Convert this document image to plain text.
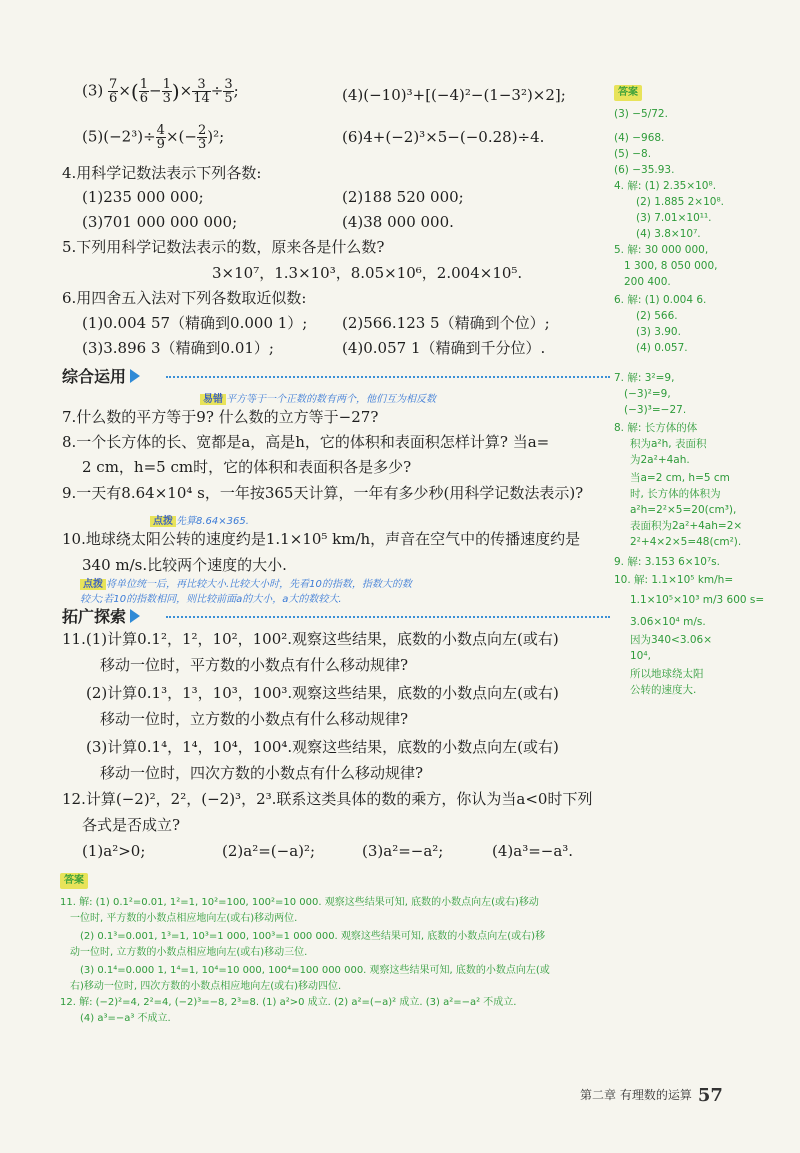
$(3) \frac{7}{6}$ ×( $\frac{1}{6} - \frac{1}{3}$ )× $\frac{3}{14} \div \frac{3}{5}$ ;	(4)(−10)³+[(−4)²−(1−3²)×2];
$(5)(-2^3)\div \frac{4}{9}$ ×(− $\frac{2}{3} )^2$;	(6)4+(−2)³×5−(−0.28)÷4.
4.用科学记数法表示下列各数:
(1)235 000 000;	(2)188 520 000;
(3)701 000 000 000;	(4)38 000 000.
5.下列用科学记数法表示的数，原来各是什么数?
3×10⁷，1.3×10³，8.05×10⁶，2.004×10⁵.
6.用四舍五入法对下列各数取近似数:
(1)0.004 57（精确到0.000 1）; (2)566.123 5（精确到个位）;
(3)3.896 3（精确到0.01）;	(4)0.057 1（精确到千分位）.
综合运用
易错 平方等于一个正数的数有两个，他们互为相反数
7.什么数的平方等于9? 什么数的立方等于−27?
8.一个长方体的长、宽都是a，高是h，它的体积和表面积怎样计算? 当a=
2 cm，h=5 cm时，它的体积和表面积各是多少?
9.一天有8.64×10⁴ s，一年按365天计算，一年有多少秒(用科学记数法表示)?
10.地球绕太阳公转的速度约是1.1×10⁵ km/h，声音在空气中的传播速度约是
340 m/s.比较两个速度的大小.
点拨 先算8.64×365.
点拨 将单位统一后，再比较大小.比较大小时，先看10的指数，指数大的数
较大;若10的指数相同，则比较前面a的大小，a大的数较大.
拓广探索
11.(1)计算0.1²，1²，10²，100².观察这些结果，底数的小数点向左(或右)
移动一位时，平方数的小数点有什么移动规律?
(2)计算0.1³，1³，10³，100³.观察这些结果，底数的小数点向左(或右)
移动一位时，立方数的小数点有什么移动规律?
(3)计算0.1⁴，1⁴，10⁴，100⁴.观察这些结果，底数的小数点向左(或右)
移动一位时，四次方数的小数点有什么移动规律?
12.计算(−2)²，2²，(−2)³，2³.联系这类具体的数的乘方，你认为当a<0时下列
各式是否成立?
(1)a²>0;	(2)a²=(−a)²;	(3)a²=−a²;	(4)a³=−a³.
答案
(3) −5/72.
(4) −968.
(5) −8.
(6) −35.93.
4. 解: (1) 2.35×10⁸.
(2) 1.885 2×10⁸.
(3) 7.01×10¹¹.
(4) 3.8×10⁷.
5. 解: 30 000 000,
1 300, 8 050 000,
200 400.
6. 解: (1) 0.004 6.
(2) 566.
(3) 3.90.
(4) 0.057.
7. 解: 3²=9,
(−3)²=9,
(−3)³=−27.
8. 解: 长方体的体
积为a²h, 表面积
为2a²+4ah.
当a=2 cm, h=5 cm
时, 长方体的体积为
a²h=2²×5=20(cm³),
表面积为2a²+4ah=2×
2²+4×2×5=48(cm²).
9. 解: 3.153 6×10⁷s.
10. 解: 1.1×10⁵ km/h=
1.1×10⁵×10³ m/3 600 s=
3.06×10⁴ m/s.
因为340<3.06×
10⁴,
所以地球绕太阳
公转的速度大.
答案
11. 解: (1) 0.1²=0.01, 1²=1, 10²=100, 100²=10 000. 观察这些结果可知, 底数的小数点向左(或右)移动
一位时, 平方数的小数点相应地向左(或右)移动两位.
(2) 0.1³=0.001, 1³=1, 10³=1 000, 100³=1 000 000. 观察这些结果可知, 底数的小数点向左(或右)移
动一位时, 立方数的小数点相应地向左(或右)移动三位.
(3) 0.1⁴=0.000 1, 1⁴=1, 10⁴=10 000, 100⁴=100 000 000. 观察这些结果可知, 底数的小数点向左(或
右)移动一位时, 四次方数的小数点相应地向左(或右)移动四位.
12. 解: (−2)²=4, 2²=4, (−2)³=−8, 2³=8. (1) a²>0 成立. (2) a²=(−a)² 成立. (3) a²=−a² 不成立.
(4) a³=−a³ 不成立.
第二章 有理数的运算 57
